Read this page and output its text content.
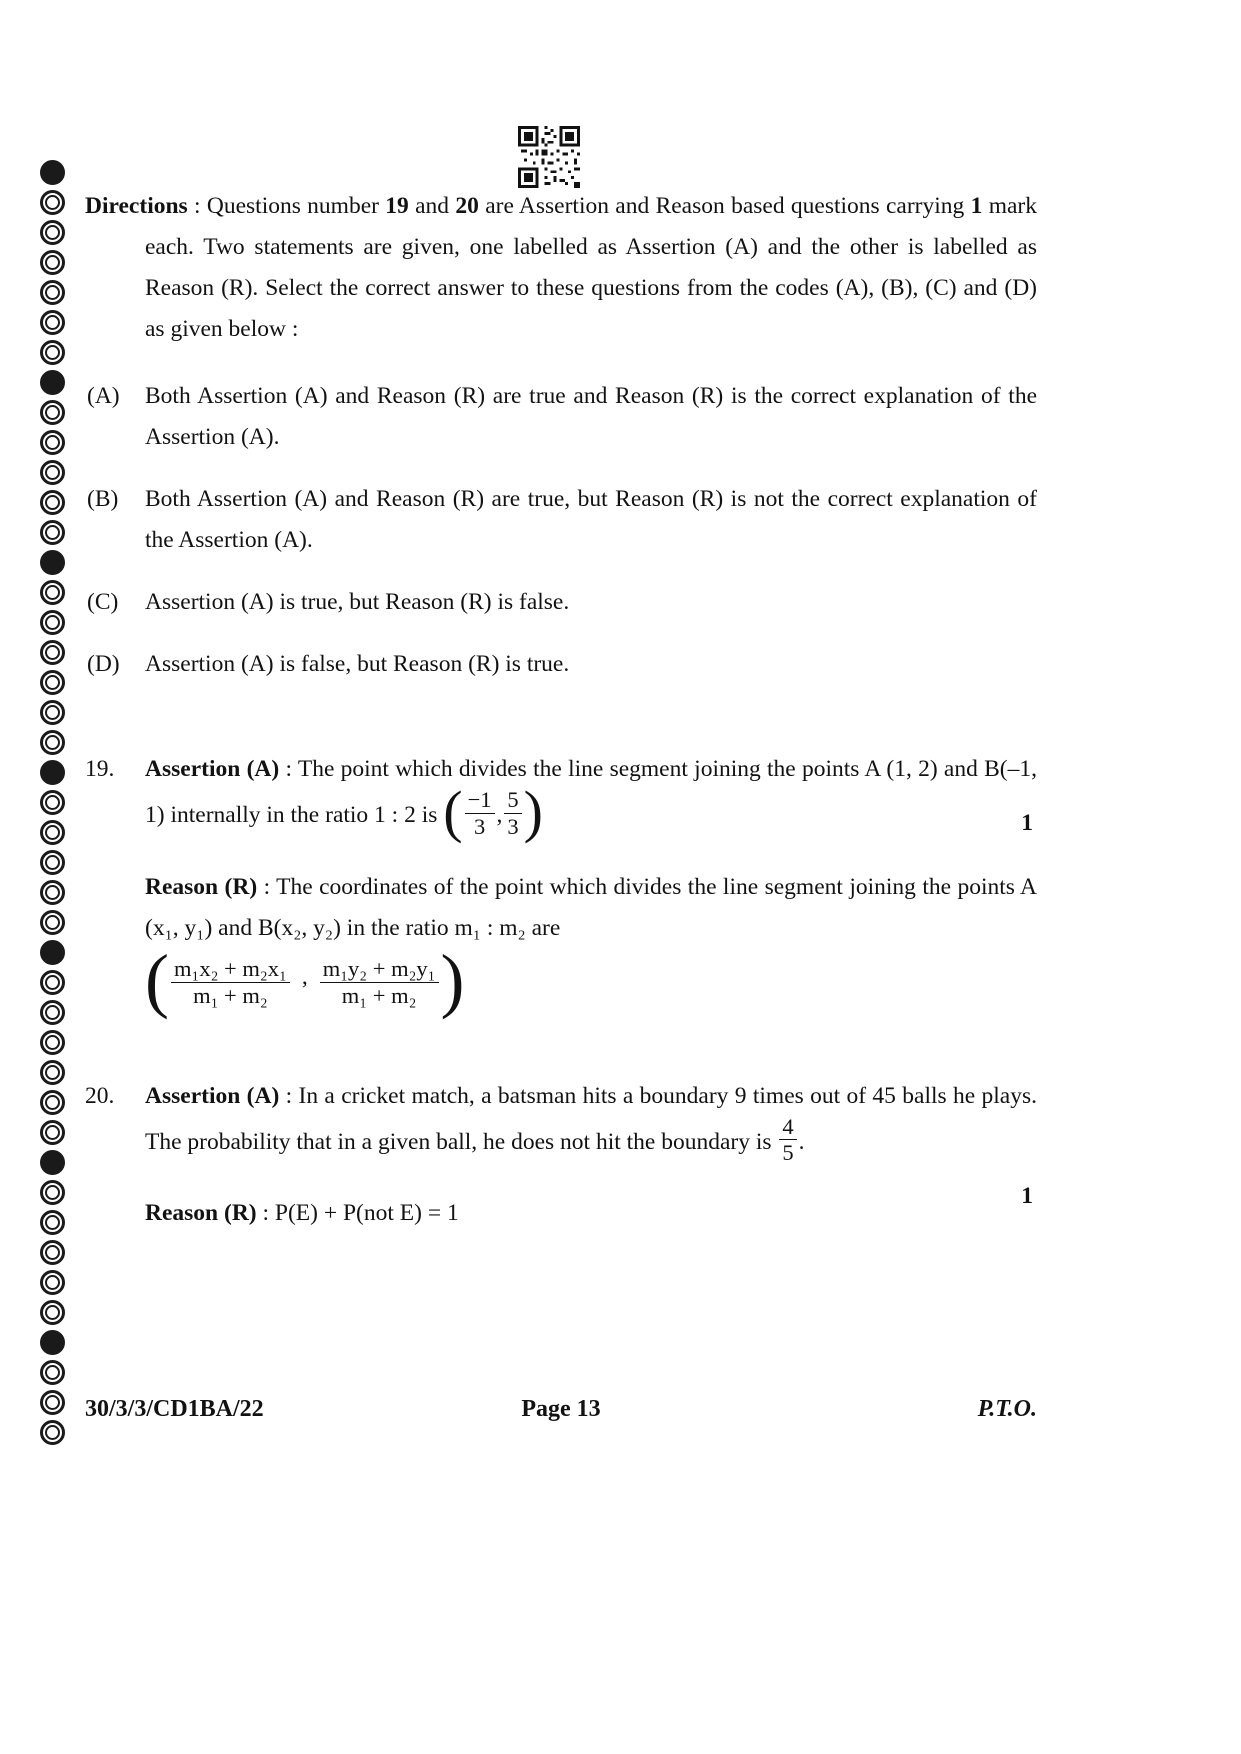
Directions : Questions number 19 and 20 are Assertion and Reason based questions carrying 1 mark each. Two statements are given, one labelled as Assertion (A) and the other is labelled as Reason (R). Select the correct answer to these questions from the codes (A), (B), (C) and (D) as given below :

(A) Both Assertion (A) and Reason (R) are true and Reason (R) is the correct explanation of the Assertion (A).

(B) Both Assertion (A) and Reason (R) are true, but Reason (R) is not the correct explanation of the Assertion (A).

(C) Assertion (A) is true, but Reason (R) is false.

(D) Assertion (A) is false, but Reason (R) is true.

19.
1

Assertion (A) : The point which divides the line segment joining the points A (1, 2) and B(–1, 1) internally in the ratio 1 : 2 is ( $\frac{-1}{3}$ , $\frac{5}{3}$ )

Reason (R) : The coordinates of the point which divides the line segment joining the points A (x₁, y₁) and B(x₂, y₂) in the ratio m₁ : m₂ are

( $\frac{\text{m₁x₂ + m₂x₁}}{\text{m₁ + m₂}}$ , $\frac{\text{m₁y₂ + m₂y₁}}{\text{m₁ + m₂}}$ )

20.
1

Assertion (A) : In a cricket match, a batsman hits a boundary 9 times out of 45 balls he plays. The probability that in a given ball, he does not hit the boundary is $\frac{4}{5}$ .

Reason (R) : P(E) + P(not E) = 1

30/3/3/CD1BA/22	Page 13	P.T.O.
